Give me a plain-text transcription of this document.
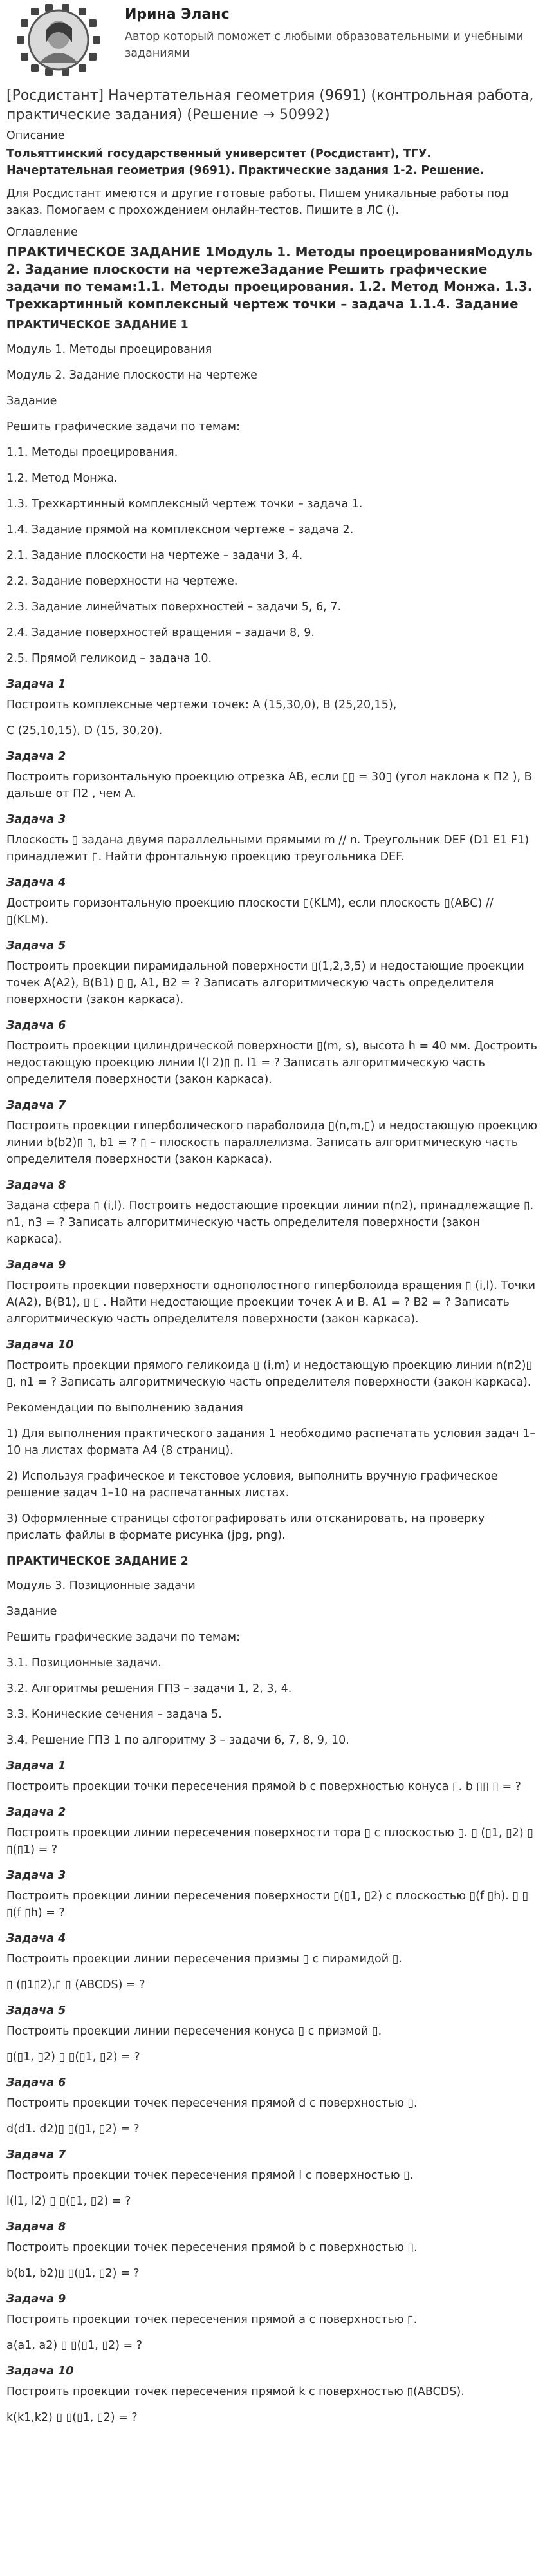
Ирина Эланс
Автор который поможет с любыми образовательными и учебными заданиями
[Росдистант] Начертательная геометрия (9691) (контрольная работа, практические задания) (Решение → 50992)
Описание
Тольяттинский государственный университет (Росдистант), ТГУ. Начертательная геометрия (9691). Практические задания 1-2. Решение.
Для Росдистант имеются и другие готовые работы. Пишем уникальные работы под заказ. Помогаем с прохождением онлайн-тестов. Пишите в ЛС ().
Оглавление
ПРАКТИЧЕСКОЕ ЗАДАНИЕ 1Модуль 1. Методы проецированияМодуль 2. Задание плоскости на чертежеЗадание Решить графические задачи по темам:1.1. Методы проецирования. 1.2. Метод Монжа. 1.3. Трехкартинный комплексный чертеж точки – задача 1.1.4. Задание
ПРАКТИЧЕСКОЕ ЗАДАНИЕ 1

Модуль 1. Методы проецирования

Модуль 2. Задание плоскости на чертеже

Задание

Решить графические задачи по темам:

1.1. Методы проецирования.

1.2. Метод Монжа.

1.3. Трехкартинный комплексный чертеж точки – задача 1.

1.4. Задание прямой на комплексном чертеже – задача 2.

2.1. Задание плоскости на чертеже – задачи 3, 4.

2.2. Задание поверхности на чертеже.

2.3. Задание линейчатых поверхностей – задачи 5, 6, 7.

2.4. Задание поверхностей вращения – задачи 8, 9.

2.5. Прямой геликоид – задача 10.

Задача 1

Построить комплексные чертежи точек: A (15,30,0), B (25,20,15),

C (25,10,15), D (15, 30,20).

Задача 2

Построить горизонтальную проекцию отрезка АВ, если ▯▯ = 30▯ (угол наклона к П2 ), В дальше от П2 , чем А.

Задача 3

Плоскость ▯ задана двумя параллельными прямыми m // n. Треугольник DEF (D1 E1 F1) принадлежит ▯. Найти фронтальную проекцию треугольника DEF.

Задача 4

Достроить горизонтальную проекцию плоскости ▯(KLM), если плоскость ▯(ABC) // ▯(KLM).

Задача 5

Построить проекции пирамидальной поверхности ▯(1,2,3,5) и недостающие проекции точек А(А2), В(В1) ▯ ▯, A1, B2 = ? Записать алгоритмическую часть определителя поверхности (закон каркаса).

Задача 6

Построить проекции цилиндрической поверхности ▯(m, s), высота h = 40 мм. Достроить недостающую проекцию линии l(l 2)▯ ▯. l1 = ? Записать алгоритмическую часть определителя поверхности (закон каркаса).

Задача 7

Построить проекции гиперболического параболоида ▯(n,m,▯) и недостающую проекцию линии b(b2)▯ ▯, b1 = ? ▯ – плоскость параллелизма. Записать алгоритмическую часть определителя поверхности (закон каркаса).

Задача 8

Задана сфера ▯ (i,l). Построить недостающие проекции линии n(n2), принадлежащие ▯. n1, n3 = ? Записать алгоритмическую часть определителя поверхности (закон каркаса).

Задача 9

Построить проекции поверхности однополостного гиперболоида вращения ▯ (i,l). Точки А(А2), В(В1), ▯ ▯ . Найти недостающие проекции точек А и В. А1 = ? В2 = ? Записать алгоритмическую часть определителя поверхности (закон каркаса).

Задача 10

Построить проекции прямого геликоида ▯ (i,m) и недостающую проекцию линии n(n2)▯ ▯, n1 = ? Записать алгоритмическую часть определителя поверхности (закон каркаса).

Рекомендации по выполнению задания

1) Для выполнения практического задания 1 необходимо распечатать условия задач 1–10 на листах формата А4 (8 страниц).

2) Используя графическое и текстовое условия, выполнить вручную графическое решение задач 1–10 на распечатанных листах.

3) Оформленные страницы сфотографировать или отсканировать, на проверку прислать файлы в формате рисунка (jpg, png).

ПРАКТИЧЕСКОЕ ЗАДАНИЕ 2

Модуль 3. Позиционные задачи

Задание

Решить графические задачи по темам:

3.1. Позиционные задачи.

3.2. Алгоритмы решения ГПЗ – задачи 1, 2, 3, 4.

3.3. Конические сечения – задача 5.

3.4. Решение ГПЗ 1 по алгоритму 3 – задачи 6, 7, 8, 9, 10.

Задача 1

Построить проекции точки пересечения прямой b с поверхностью конуса ▯. b ▯▯ ▯ = ?

Задача 2

Построить проекции линии пересечения поверхности тора ▯ с плоскостью ▯. ▯ (▯1, ▯2) ▯ ▯(▯1) = ?

Задача 3

Построить проекции линии пересечения поверхности ▯(▯1, ▯2) с плоскостью ▯(f ▯h). ▯ ▯ ▯(f ▯h) = ?

Задача 4

Построить проекции линии пересечения призмы ▯ с пирамидой ▯.

▯ (▯1▯2),▯ ▯ (ABCDS) = ?

Задача 5

Построить проекции линии пересечения конуса ▯ с призмой ▯.

▯(▯1, ▯2) ▯ ▯(▯1, ▯2) = ?

Задача 6

Построить проекции точек пересечения прямой d с поверхностью ▯.

d(d1. d2)▯ ▯(▯1, ▯2) = ?

Задача 7

Построить проекции точек пересечения прямой l с поверхностью ▯.

l(l1, l2) ▯ ▯(▯1, ▯2) = ?

Задача 8

Построить проекции точек пересечения прямой b с поверхностью ▯.

b(b1, b2)▯ ▯(▯1, ▯2) = ?

Задача 9

Построить проекции точек пересечения прямой a с поверхностью ▯.

a(a1, a2) ▯ ▯(▯1, ▯2) = ?

Задача 10

Построить проекции точек пересечения прямой k с поверхностью ▯(ABCDS).

k(k1,k2) ▯ ▯(▯1, ▯2) = ?
